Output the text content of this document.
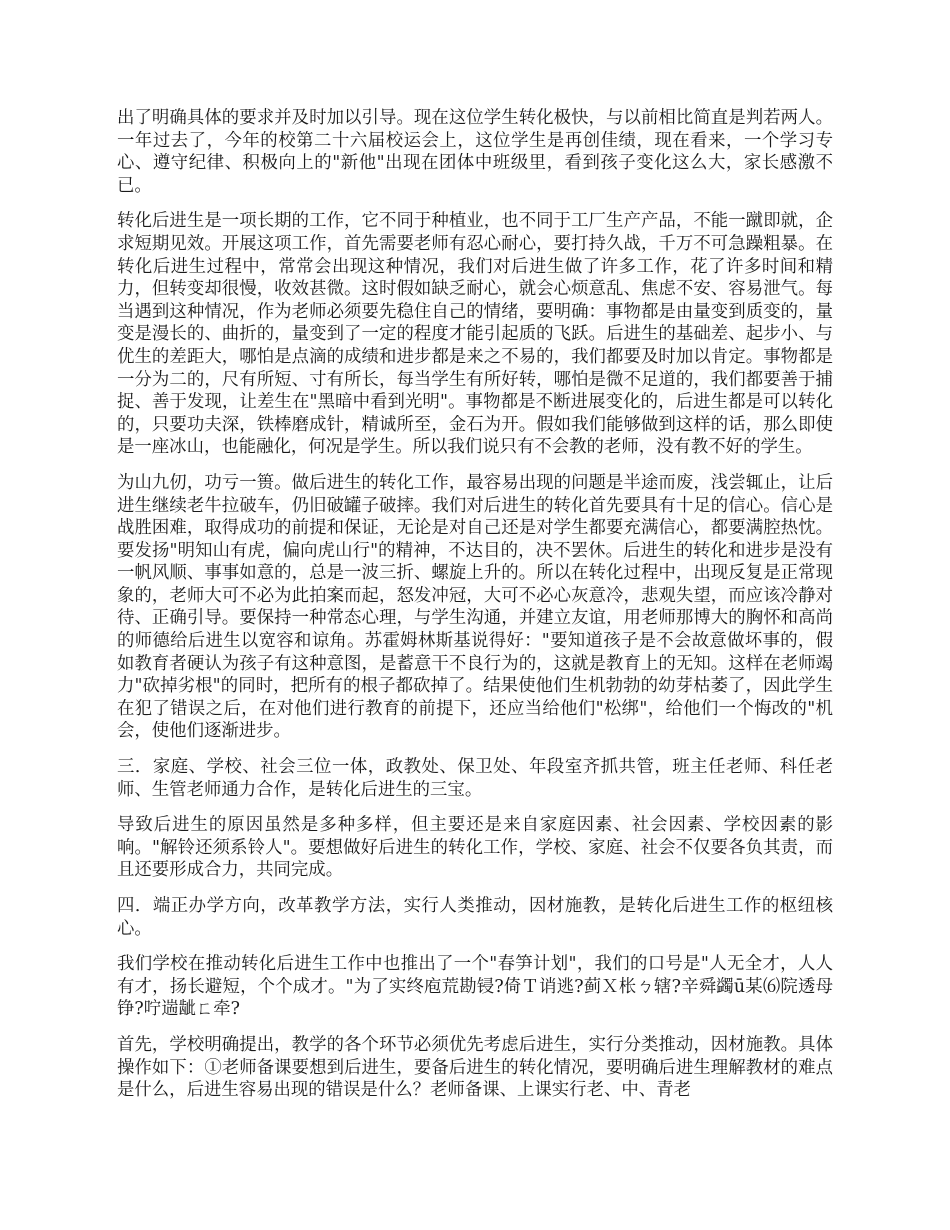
出了明确具体的要求并及时加以引导。现在这位学生转化极快，与以前相比简直是判若两人。一年过去了，今年的校第二十六届校运会上，这位学生是再创佳绩，现在看来，一个学习专心、遵守纪律、积极向上的"新他"出现在团体中班级里，看到孩子变化这么大，家长感激不已。

转化后进生是一项长期的工作，它不同于种植业，也不同于工厂生产产品，不能一蹴即就，企求短期见效。开展这项工作，首先需要老师有忍心耐心，要打持久战，千万不可急躁粗暴。在转化后进生过程中，常常会出现这种情况，我们对后进生做了许多工作，花了许多时间和精力，但转变却很慢，收效甚微。这时假如缺乏耐心，就会心烦意乱、焦虑不安、容易泄气。每当遇到这种情况，作为老师必须要先稳住自己的情绪，要明确：事物都是由量变到质变的，量变是漫长的、曲折的，量变到了一定的程度才能引起质的飞跃。后进生的基础差、起步小、与优生的差距大，哪怕是点滴的成绩和进步都是来之不易的，我们都要及时加以肯定。事物都是一分为二的，尺有所短、寸有所长，每当学生有所好转，哪怕是微不足道的，我们都要善于捕捉、善于发现，让差生在"黑暗中看到光明"。事物都是不断进展变化的，后进生都是可以转化的，只要功夫深，铁棒磨成针，精诚所至，金石为开。假如我们能够做到这样的话，那么即使是一座冰山，也能融化，何况是学生。所以我们说只有不会教的老师，没有教不好的学生。

为山九仞，功亏一篑。做后进生的转化工作，最容易出现的问题是半途而废，浅尝辄止，让后进生继续老牛拉破车，仍旧破罐子破摔。我们对后进生的转化首先要具有十足的信心。信心是战胜困难，取得成功的前提和保证，无论是对自己还是对学生都要充满信心，都要满腔热忱。要发扬"明知山有虎，偏向虎山行"的精神，不达目的，决不罢休。后进生的转化和进步是没有一帆风顺、事事如意的，总是一波三折、螺旋上升的。所以在转化过程中，出现反复是正常现象的，老师大可不必为此拍案而起，怒发冲冠，大可不必心灰意冷，悲观失望，而应该冷静对待、正确引导。要保持一种常态心理，与学生沟通，并建立友谊，用老师那博大的胸怀和高尚的师德给后进生以宽容和谅角。苏霍姆林斯基说得好："要知道孩子是不会故意做坏事的，假如教育者硬认为孩子有这种意图，是蓄意干不良行为的，这就是教育上的无知。这样在老师竭力"砍掉劣根"的同时，把所有的根子都砍掉了。结果使他们生机勃勃的幼芽枯萎了，因此学生在犯了错误之后，在对他们进行教育的前提下，还应当给他们"松绑"，给他们一个悔改的"机会，使他们逐渐进步。

三．家庭、学校、社会三位一体，政教处、保卫处、年段室齐抓共管，班主任老师、科任老师、生管老师通力合作，是转化后进生的三宝。

导致后进生的原因虽然是多种多样，但主要还是来自家庭因素、社会因素、学校因素的影响。"解铃还须系铃人"。要想做好后进生的转化工作，学校、家庭、社会不仅要各负其责，而且还要形成合力，共同完成。

四．端正办学方向，改革教学方法，实行人类推动，因材施教，是转化后进生工作的枢纽核心。

我们学校在推动转化后进生工作中也推出了一个"春笋计划"，我们的口号是"人无全才，人人有才，扬长避短，个个成才。"为了实终庖荒勘锓?倚Ｔ诮逃?蓟Ｘ枨ㄅ辖?辛舜蠲ū某⑹院透母铮?咛遄龇ㄈ牵?

首先，学校明确提出，教学的各个环节必须优先考虑后进生，实行分类推动，因材施教。具体操作如下：①老师备课要想到后进生，要备后进生的转化情况，要明确后进生理解教材的难点是什么，后进生容易出现的错误是什么？老师备课、上课实行老、中、青老
